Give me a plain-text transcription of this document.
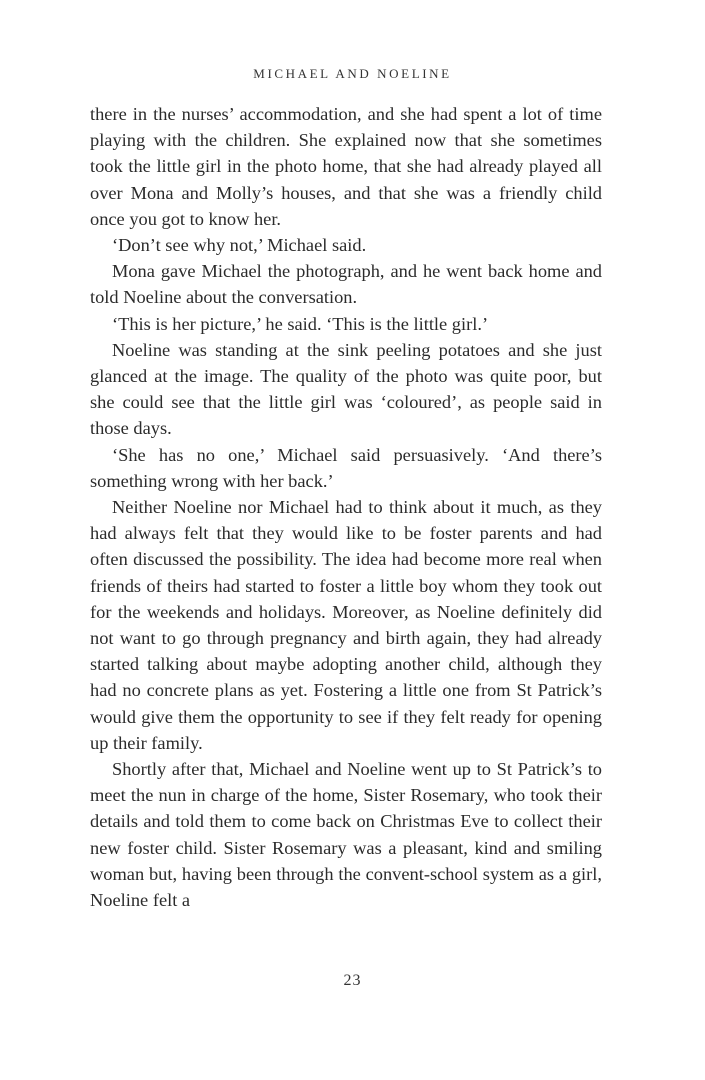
MICHAEL AND NOELINE

there in the nurses’ accommodation, and she had spent a lot of time playing with the children. She explained now that she sometimes took the little girl in the photo home, that she had already played all over Mona and Molly’s houses, and that she was a friendly child once you got to know her.

‘Don’t see why not,’ Michael said.

Mona gave Michael the photograph, and he went back home and told Noeline about the conversation.

‘This is her picture,’ he said. ‘This is the little girl.’

Noeline was standing at the sink peeling potatoes and she just glanced at the image. The quality of the photo was quite poor, but she could see that the little girl was ‘coloured’, as people said in those days.

‘She has no one,’ Michael said persuasively. ‘And there’s something wrong with her back.’

Neither Noeline nor Michael had to think about it much, as they had always felt that they would like to be foster parents and had often discussed the possibility. The idea had become more real when friends of theirs had started to foster a little boy whom they took out for the weekends and holidays. Moreover, as Noeline definitely did not want to go through pregnancy and birth again, they had already started talking about maybe adopting another child, although they had no concrete plans as yet. Fostering a little one from St Patrick’s would give them the opportunity to see if they felt ready for opening up their family.

Shortly after that, Michael and Noeline went up to St Patrick’s to meet the nun in charge of the home, Sister Rosemary, who took their details and told them to come back on Christmas Eve to collect their new foster child. Sister Rosemary was a pleasant, kind and smiling woman but, having been through the convent-school system as a girl, Noeline felt a

23
